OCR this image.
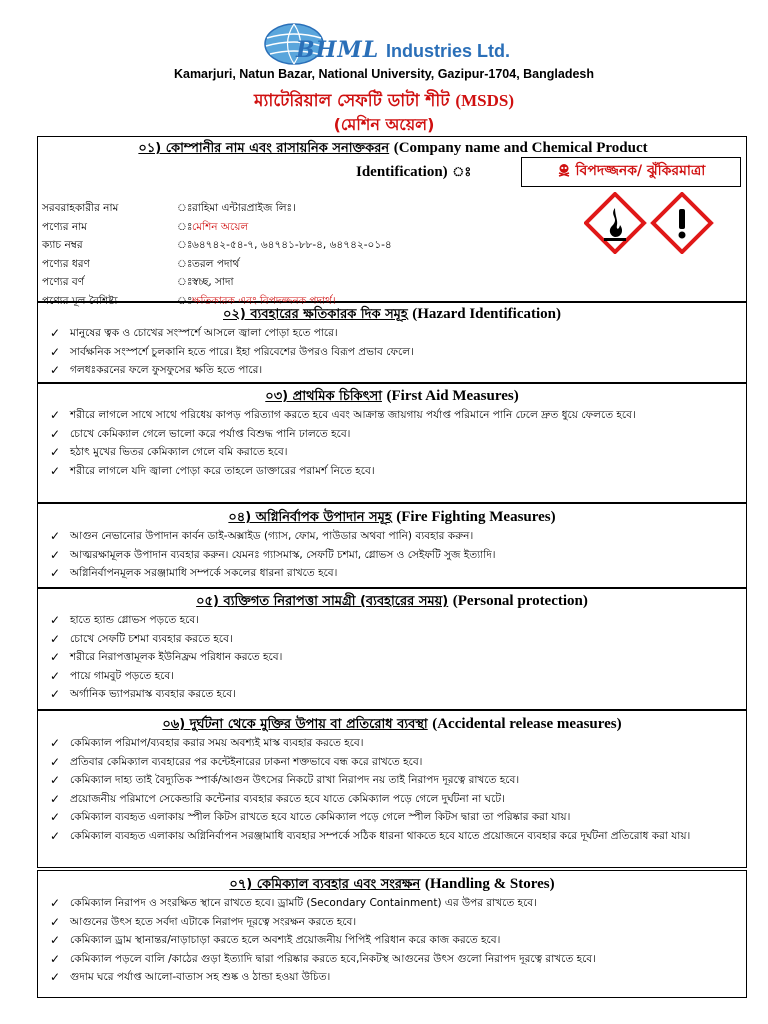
BHML Industries Ltd.
Kamarjuri, Natun Bazar, National University, Gazipur-1704, Bangladesh
ম্যাটেরিয়াল সেফটি ডাটা শীট (MSDS)
(মেশিন অয়েল)
০১) কোম্পানীর নাম এবং রাসায়নিক সনাক্তকরন (Company name and Chemical Product
Identification) ঃ	বিপদজ্জনক/ ঝুঁকিরমাত্রা
সরবরাহকারীর নাম	ঃ রাহিমা এন্টারপ্রাইজ লিঃ।
পণ্যের নাম	ঃ মেশিন অয়েল
ক্যাচ নম্বর	ঃ ৬৪৭৪২-৫৪-৭, ৬৪৭৪১-৮৮-৪, ৬৪৭৪২-০১-৪
পণ্যের ধরণ	ঃ তরল পদার্থ
পণ্যের বর্ণ	ঃ স্বচ্ছ, সাদা
পণ্যের মূল বৈশিষ্ট্য	ঃ ক্ষতিকারক এবং বিপদজ্জনক পদার্থ।
০২) ব্যবহারের ক্ষতিকারক দিক সমূহ (Hazard Identification)
✓ মানুষের ত্বক ও চোখের সংস্পর্শে আসলে জ্বালা পোড়া হতে পারে।
✓ সার্বক্ষনিক সংস্পর্শে চুলকানি হতে পারে। ইহা পরিবেশের উপরও বিরূপ প্রভাব ফেলে।
✓ গলধঃকরনের ফলে ফুসফুসের ক্ষতি হতে পারে।
০৩) প্রাথমিক চিকিৎসা (First Aid Measures)
✓ শরীরে লাগলে সাথে সাথে পরিধেয় কাপড় পরিত্যাগ করতে হবে এবং আক্রান্ত জায়গায় পর্যাপ্ত পরিমানে পানি ঢেলে দ্রুত ধুয়ে ফেলতে হবে।
✓ চোখে কেমিক্যাল গেলে ভালো করে পর্যাপ্ত বিশুদ্ধ পানি ঢালতে হবে।
✓ হঠাৎ মুখের ভিতর কেমিক্যাল গেলে বমি করাতে হবে।
✓ শরীরে লাগলে যদি জ্বালা পোড়া করে তাহলে ডাক্তারের পরামর্শ নিতে হবে।
০৪) অগ্নিনির্বাপক উপাদান সমূহ (Fire Fighting Measures)
✓ আগুন নেভানোর উপাদান কার্বন ডাই-অক্সাইড (গ্যাস, ফোম, পাউডার অথবা পানি) ব্যবহার করুন।
✓ আত্মরক্ষামূলক উপাদান ব্যবহার করুন। যেমনঃ গ্যাসমাস্ক, সেফটি চশমা, গ্লোভস ও সেইফটি সুজ ইত্যাদি।
✓ অগ্নিনির্বাপনমূলক সরঞ্জামাধি সম্পর্কে সকলের ধারনা রাখতে হবে।
০৫) ব্যক্তিগত নিরাপত্তা সামগ্রী (ব্যবহারের সময়) (Personal protection)
✓ হাতে হ্যান্ড গ্লোভস পড়তে হবে।
✓ চোখে সেফটি চশমা ব্যবহার করতে হবে।
✓ শরীরে নিরাপত্তামূলক ইউনিফ্রম পরিধান করতে হবে।
✓ পায়ে গামবুট পড়তে হবে।
✓ অর্গানিক ভ্যাপরমাস্ক ব্যবহার করতে হবে।
০৬) দুর্ঘটনা থেকে মুক্তির উপায় বা প্রতিরোধ ব্যবস্থা (Accidental release measures)
✓ কেমিক্যাল পরিমাপ/ব্যবহার করার সময় অবশ্যই মাস্ক ব্যবহার করতে হবে।
✓ প্রতিবার কেমিক্যাল ব্যবহারের পর কন্টেইনারের ঢাকনা শক্তভাবে বন্ধ করে রাখতে হবে।
✓ কেমিক্যাল দাহ্য তাই বৈদ্যুতিক স্পার্ক/আগুন উৎসের নিকটে রাখা নিরাপদ নয় তাই নিরাপদ দূরত্বে রাখতে হবে।
✓ প্রয়োজনীয় পরিমাপে সেকেন্ডারি কন্টেনার ব্যবহার করতে হবে যাতে কেমিক্যাল পড়ে গেলে দুর্ঘটনা না ঘটে।
✓ কেমিক্যাল ব্যবহৃত এলাকায় স্পীল কিটস রাখতে হবে যাতে কেমিক্যাল পড়ে গেলে স্পীল কিটস দ্বারা তা পরিষ্কার করা যায়।
✓ কেমিক্যাল ব্যবহৃত এলাকায় অগ্নিনির্বাপন সরঞ্জামাধি ব্যবহার সম্পর্কে সঠিক ধারনা থাকতে হবে যাতে প্রয়োজনে ব্যবহার করে দূর্ঘটনা প্রতিরোধ করা যায়।
০৭) কেমিক্যাল ব্যবহার এবং সংরক্ষন (Handling & Stores)
✓ কেমিক্যাল নিরাপদ ও সংরক্ষিত স্থানে রাখতে হবে। ড্রামটি (Secondary Containment) এর উপর রাখতে হবে।
✓ আগুনের উৎস হতে সর্বদা এটাকে নিরাপদ দূরত্বে সংরক্ষন করতে হবে।
✓ কেমিক্যাল ড্রাম স্থানান্তর/নাড়াচাড়া করতে হলে অবশ্যই প্রয়োজনীয় পিপিই পরিধান করে কাজ করতে হবে।
✓ কেমিক্যাল পড়লে বালি /কাঠের গুড়া ইত্যাদি দ্বারা পরিষ্কার করতে হবে,নিকটস্থ আগুনের উৎস গুলো নিরাপদ দূরত্বে রাখতে হবে।
✓ গুদাম ঘরে পর্যাপ্ত আলো-বাতাস সহ শুষ্ক ও ঠান্ডা হওয়া উচিত।
